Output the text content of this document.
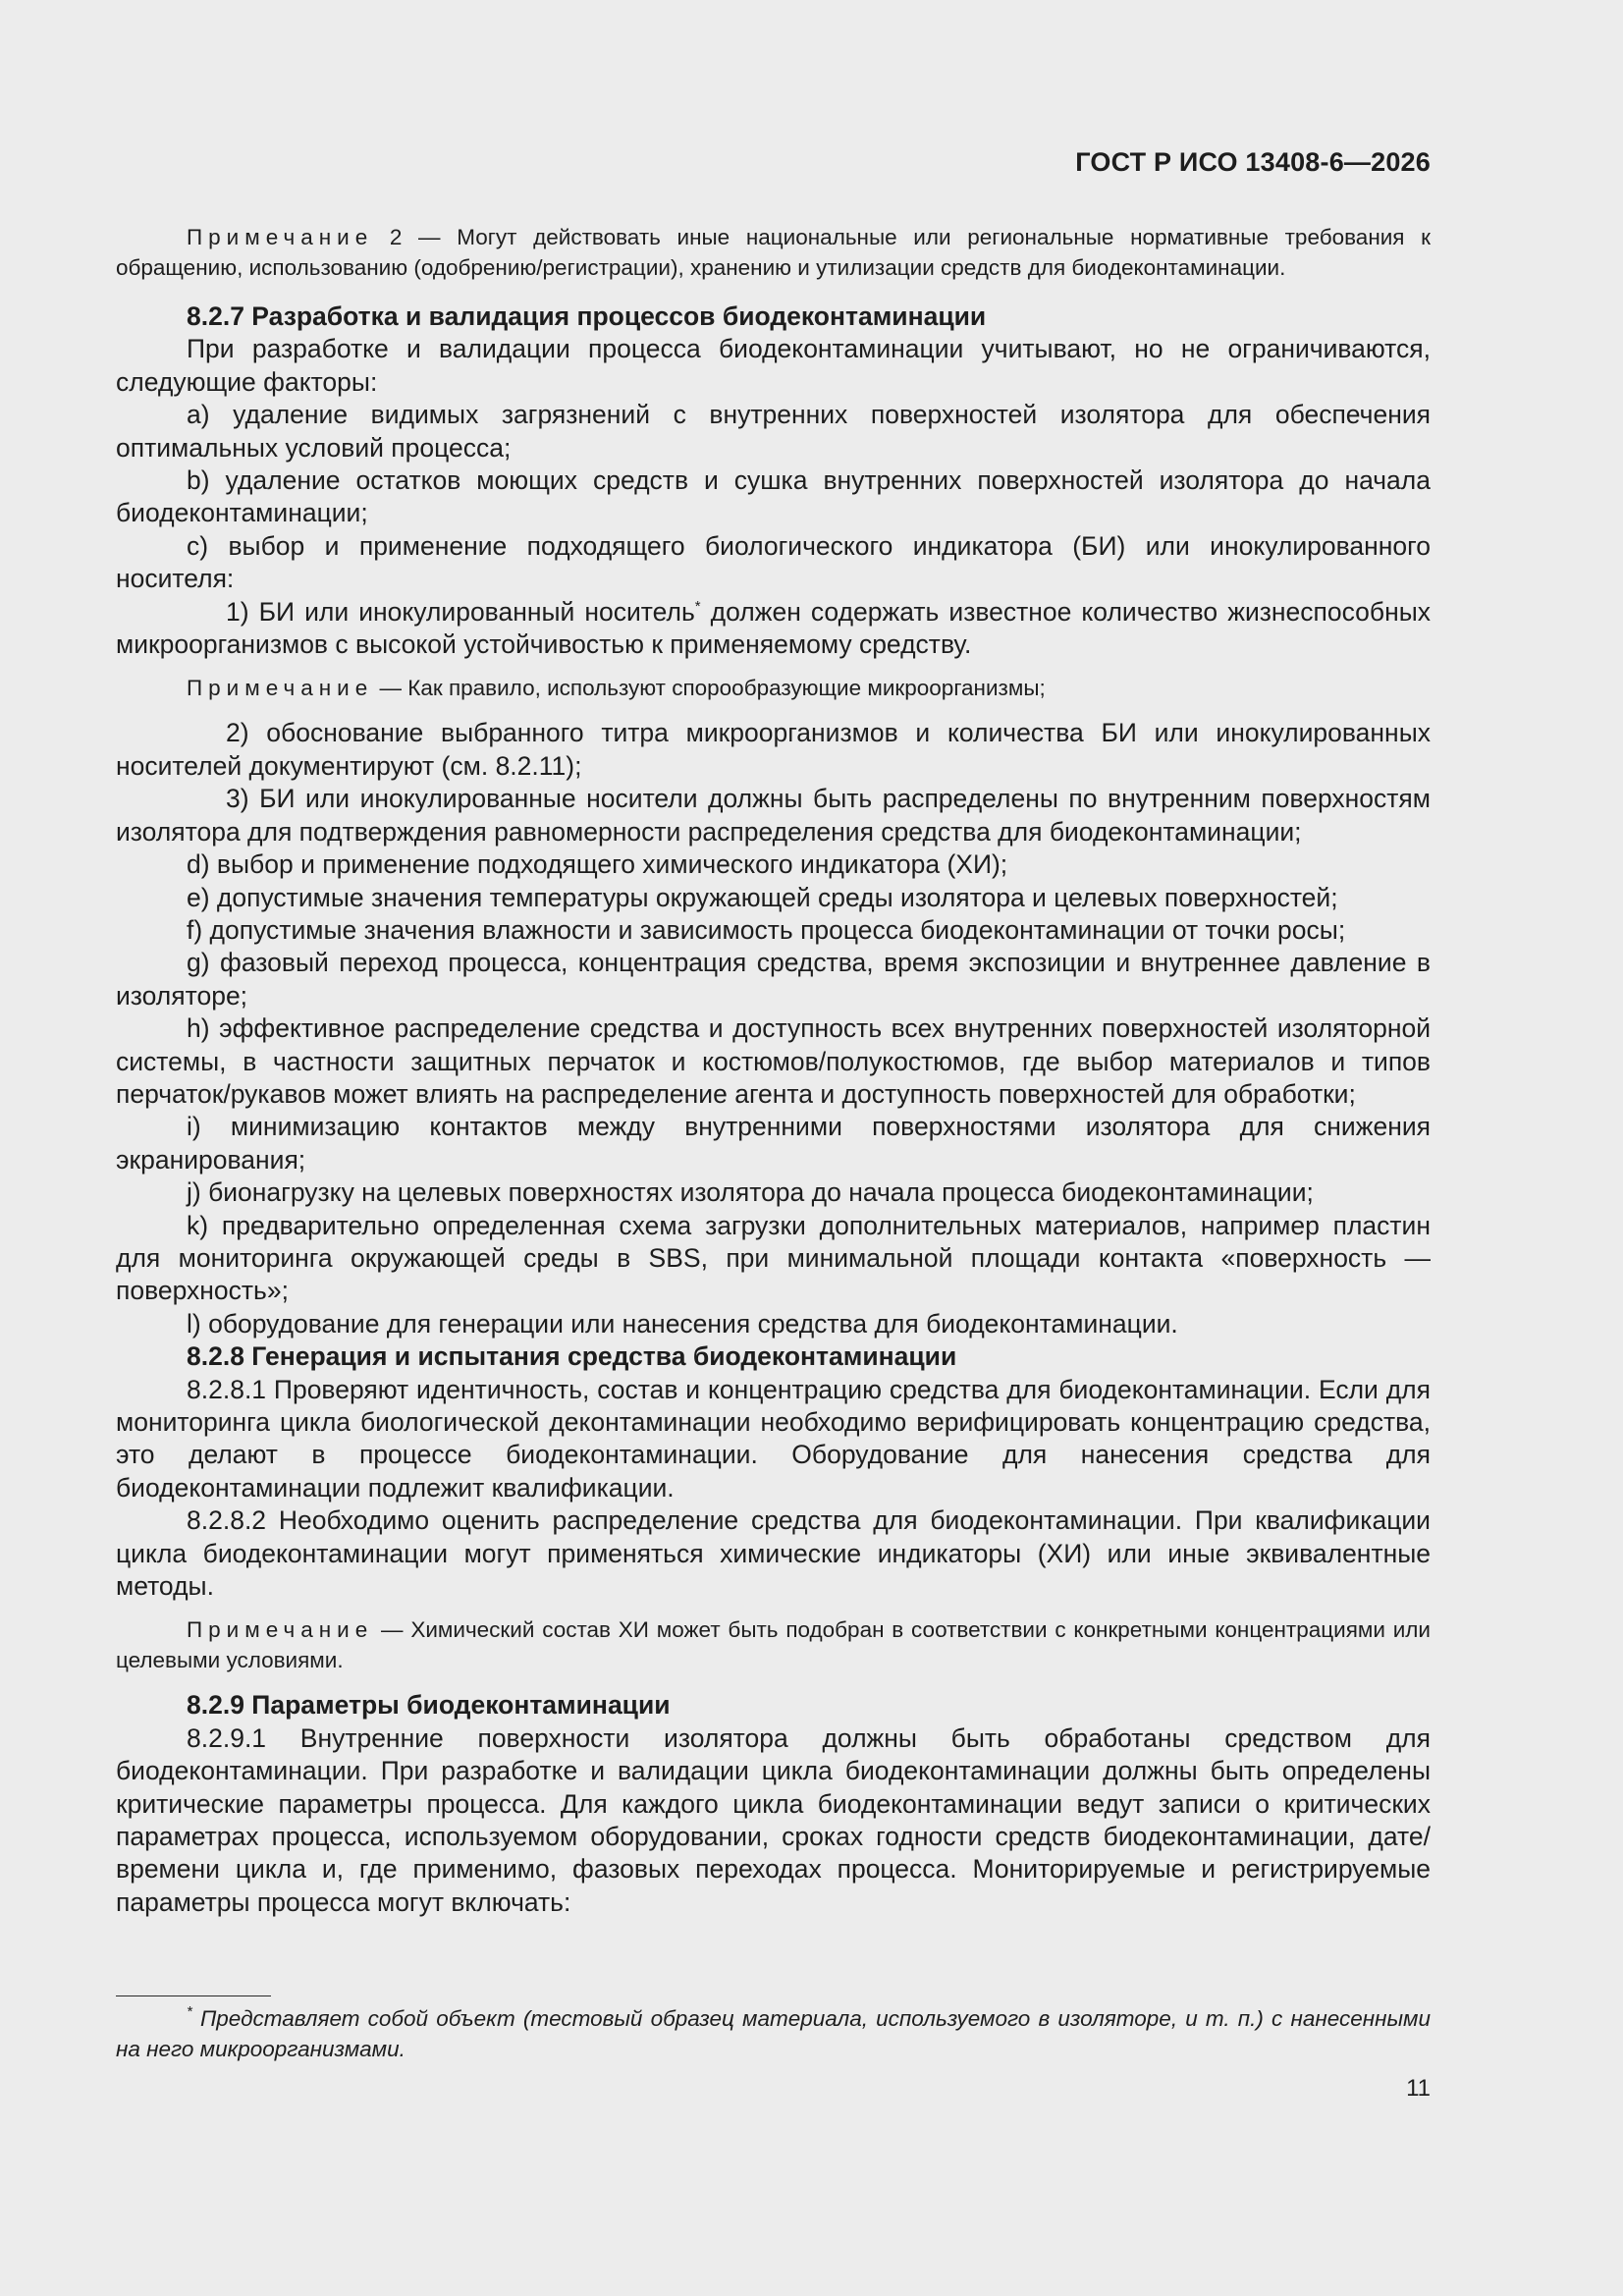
ГОСТ Р ИСО 13408-6—2026

Примечание 2 — Могут действовать иные национальные или региональные нормативные требования к обращению, использованию (одобрению/регистрации), хранению и утилизации средств для биодеконтаминации.

8.2.7 Разработка и валидация процессов биодеконтаминации

При разработке и валидации процесса биодеконтаминации учитывают, но не ограничиваются, следующие факторы:

a) удаление видимых загрязнений с внутренних поверхностей изолятора для обеспечения оптимальных условий процесса;

b) удаление остатков моющих средств и сушка внутренних поверхностей изолятора до начала биодеконтаминации;

c) выбор и применение подходящего биологического индикатора (БИ) или инокулированного носителя:

1) БИ или инокулированный носитель* должен содержать известное количество жизнеспособных микроорганизмов с высокой устойчивостью к применяемому средству.

Примечание — Как правило, используют спорообразующие микроорганизмы;

2) обоснование выбранного титра микроорганизмов и количества БИ или инокулированных носителей документируют (см. 8.2.11);

3) БИ или инокулированные носители должны быть распределены по внутренним поверхностям изолятора для подтверждения равномерности распределения средства для биодеконтаминации;

d) выбор и применение подходящего химического индикатора (ХИ);

e) допустимые значения температуры окружающей среды изолятора и целевых поверхностей;

f) допустимые значения влажности и зависимость процесса биодеконтаминации от точки росы;

g) фазовый переход процесса, концентрация средства, время экспозиции и внутреннее давление в изоляторе;

h) эффективное распределение средства и доступность всех внутренних поверхностей изоляторной системы, в частности защитных перчаток и костюмов/полукостюмов, где выбор материалов и типов перчаток/рукавов может влиять на распределение агента и доступность поверхностей для обработки;

i) минимизацию контактов между внутренними поверхностями изолятора для снижения экранирования;

j) бионагрузку на целевых поверхностях изолятора до начала процесса биодеконтаминации;

k) предварительно определенная схема загрузки дополнительных материалов, например пластин для мониторинга окружающей среды в SBS, при минимальной площади контакта «поверхность — поверхность»;

l) оборудование для генерации или нанесения средства для биодеконтаминации.

8.2.8 Генерация и испытания средства биодеконтаминации

8.2.8.1 Проверяют идентичность, состав и концентрацию средства для биодеконтаминации. Если для мониторинга цикла биологической деконтаминации необходимо верифицировать концентрацию средства, это делают в процессе биодеконтаминации. Оборудование для нанесения средства для биодеконтаминации подлежит квалификации.

8.2.8.2 Необходимо оценить распределение средства для биодеконтаминации. При квалификации цикла биодеконтаминации могут применяться химические индикаторы (ХИ) или иные эквивалентные методы.

Примечание — Химический состав ХИ может быть подобран в соответствии с конкретными концентрациями или целевыми условиями.

8.2.9 Параметры биодеконтаминации

8.2.9.1 Внутренние поверхности изолятора должны быть обработаны средством для биодеконтаминации. При разработке и валидации цикла биодеконтаминации должны быть определены критические параметры процесса. Для каждого цикла биодеконтаминации ведут записи о критических параметрах процесса, используемом оборудовании, сроках годности средств биодеконтаминации, дате/времени цикла и, где применимо, фазовых переходах процесса. Мониторируемые и регистрируемые параметры процесса могут включать:

* Представляет собой объект (тестовый образец материала, используемого в изоляторе, и т. п.) с нанесенными на него микроорганизмами.
11
